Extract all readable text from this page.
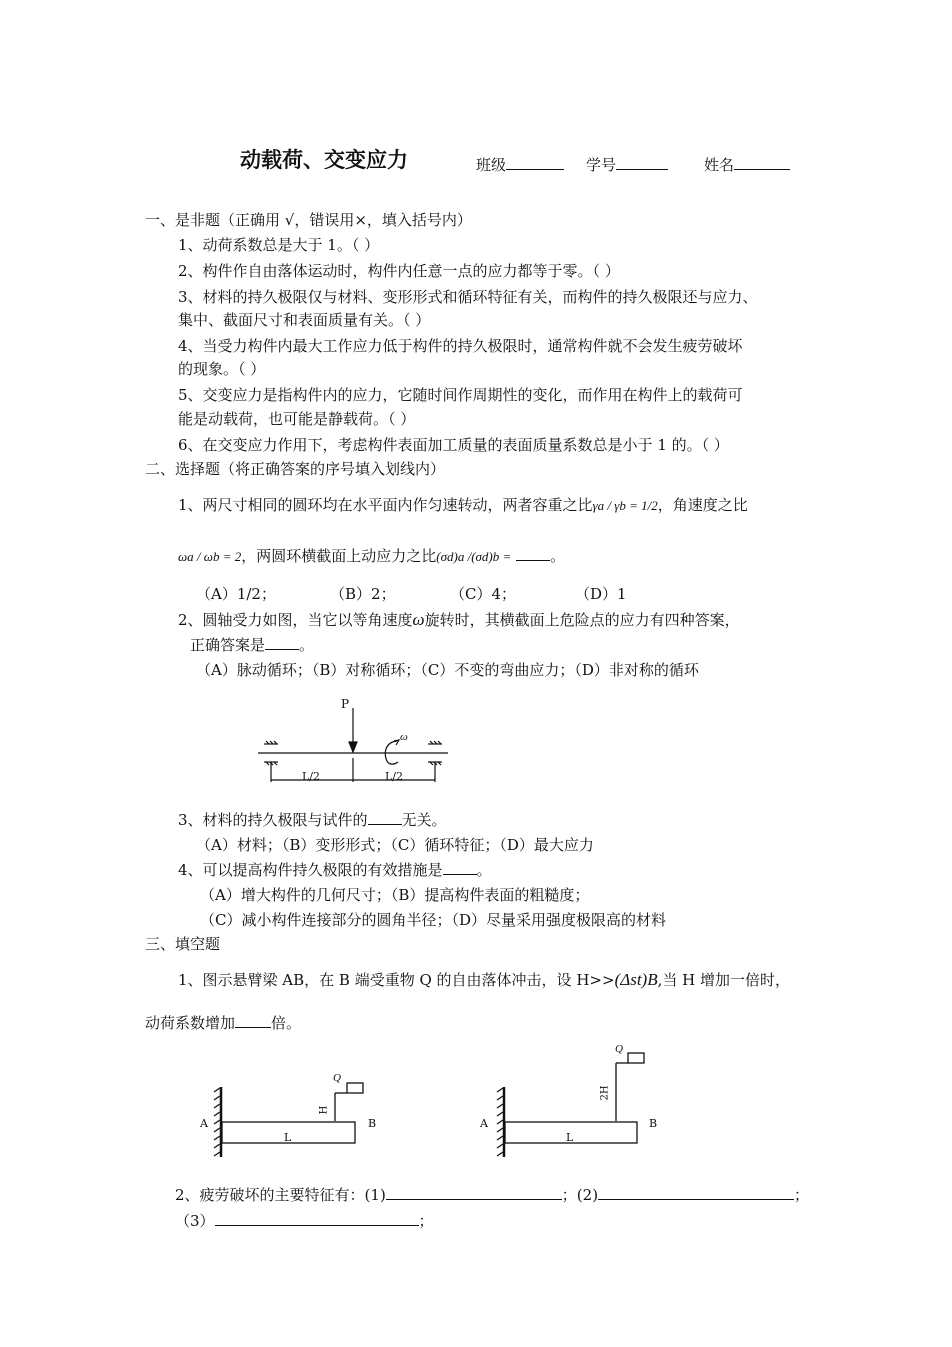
动载荷、交变应力	班级	学号	姓名
一、是非题（正确用 √，错误用×，填入括号内）
1、动荷系数总是大于 1。（ ）
2、构件作自由落体运动时，构件内任意一点的应力都等于零。（ ）
3、材料的持久极限仅与材料、变形形式和循环特征有关，而构件的持久极限还与应力、
集中、截面尺寸和表面质量有关。（ ）
4、当受力构件内最大工作应力低于构件的持久极限时，通常构件就不会发生疲劳破坏
的现象。（ ）
5、交变应力是指构件内的应力，它随时间作周期性的变化，而作用在构件上的载荷可
能是动载荷，也可能是静载荷。（ ）
6、在交变应力作用下，考虑构件表面加工质量的表面质量系数总是小于 1 的。（ ）
二、选择题（将正确答案的序号填入划线内）
1、两尺寸相同的圆环均在水平面内作匀速转动，两者容重之比γa / γb = 1/2，角速度之比
ωa / ωb = 2，两圆环横截面上动应力之比(σd)a /(σd)b =	。
（A）1/2；	（B）2；	（C）4；	（D）1
2、圆轴受力如图，当它以等角速度ω旋转时，其横截面上危险点的应力有四种答案，
正确答案是 。
（A）脉动循环；（B）对称循环；（C）不变的弯曲应力；（D）非对称的循环
P
ω
L/2	L/2
3、材料的持久极限与试件的 无关。
（A）材料；（B）变形形式；（C）循环特征；（D）最大应力
4、可以提高构件持久极限的有效措施是 。
（A）增大构件的几何尺寸；（B）提高构件表面的粗糙度；
（C）减小构件连接部分的圆角半径；（D）尽量采用强度极限高的材料
三、填空题
1、图示悬臂梁 AB，在 B 端受重物 Q 的自由落体冲击，设 H>>(Δst)B,当 H 增加一倍时，
动荷系数增加 倍。
A	B
L
Q
H
A	B
L
Q
2H
2、疲劳破坏的主要特征有：(1)	；(2)	；
（3）	；
